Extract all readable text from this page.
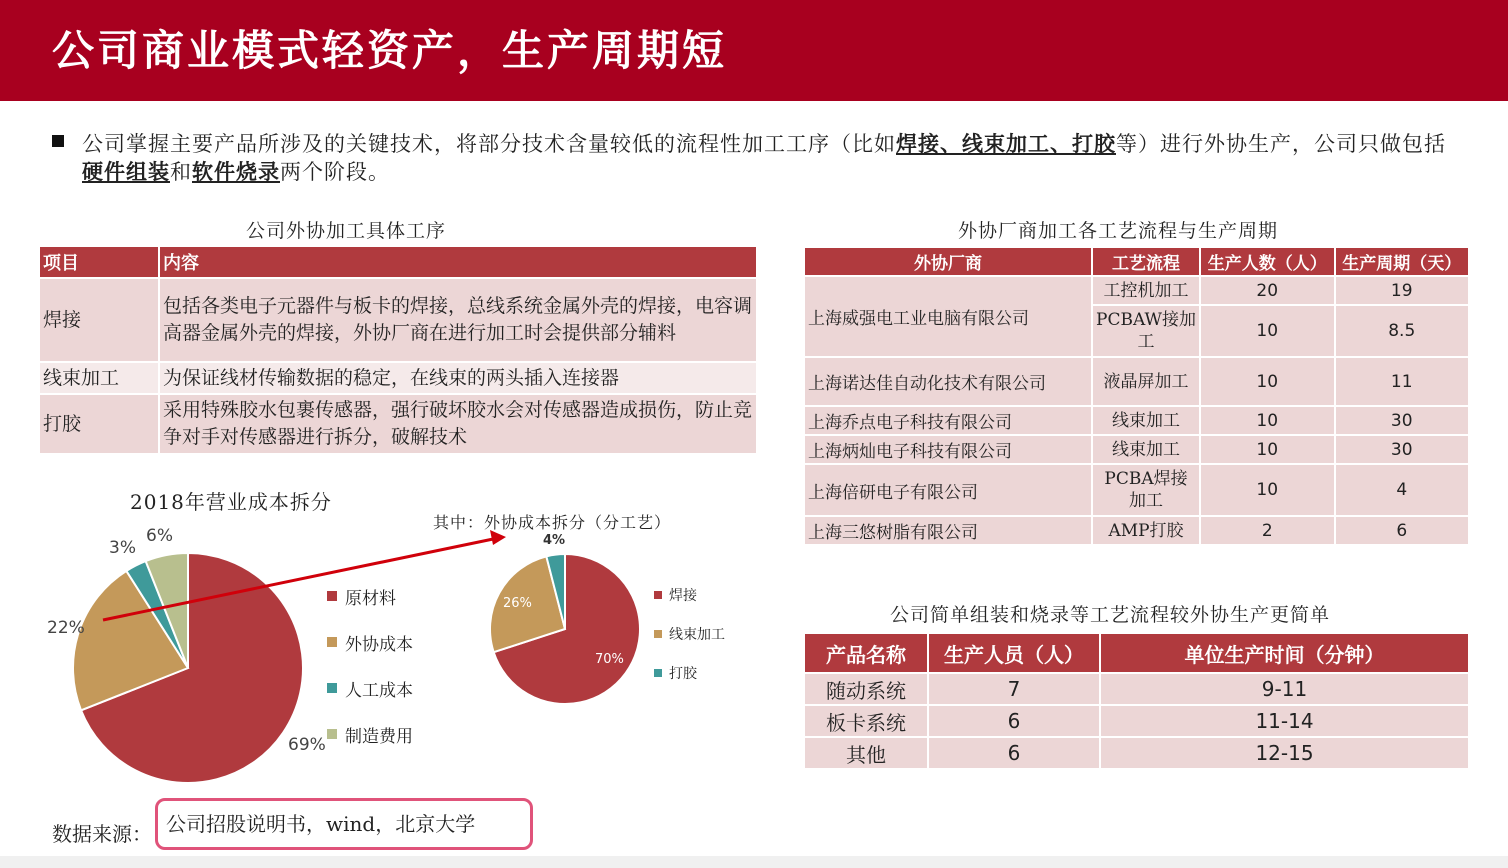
公司商业模式轻资产，生产周期短
公司掌握主要产品所涉及的关键技术，将部分技术含量较低的流程性加工工序（比如焊接、线束加工、打胶等）进行外协生产，公司只做包括硬件组装和软件烧录两个阶段。
公司外协加工具体工序
项目	内容
焊接	包括各类电子元器件与板卡的焊接，总线系统金属外壳的焊接，电容调高器金属外壳的焊接，外协厂商在进行加工时会提供部分辅料
线束加工	为保证线材传输数据的稳定，在线束的两头插入连接器
打胶	采用特殊胶水包裹传感器，强行破坏胶水会对传感器造成损伤，防止竞争对手对传感器进行拆分，破解技术
外协厂商加工各工艺流程与生产周期
外协厂商	工艺流程	生产人数（人）	生产周期（天）
上海威强电工业电脑有限公司	工控机加工	20	19
	PCBAW接加工	10	8.5
上海诺达佳自动化技术有限公司	液晶屏加工	10	11
上海乔点电子科技有限公司	线束加工	10	30
上海炳灿电子科技有限公司	线束加工	10	30
上海倍研电子有限公司	PCBA焊接加工	10	4
上海三悠树脂有限公司	AMP打胶	2	6
公司简单组装和烧录等工艺流程较外协生产更简单
产品名称	生产人员（人）	单位生产时间（分钟）
随动系统	7	9-11
板卡系统	6	11-14
其他	6	12-15
2018年营业成本拆分
其中：外协成本拆分（分工艺）
69%
22%
3%
6%
原材料
外协成本
人工成本
制造费用
70%
26%
4%
焊接
线束加工
打胶
数据来源： 公司招股说明书，wind，北京大学
